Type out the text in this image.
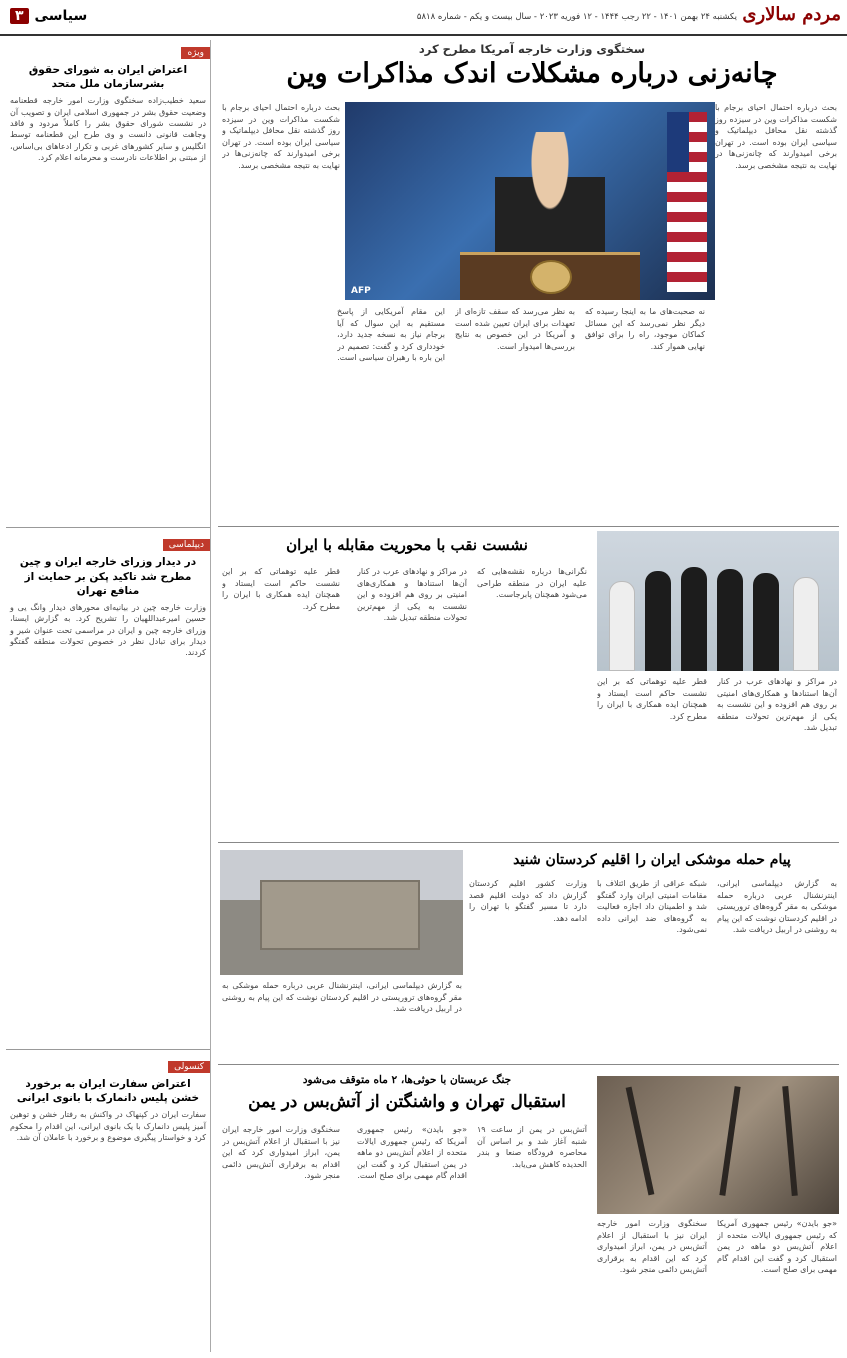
مردم سالاری
یکشنبه ۲۴ بهمن ۱۴۰۱ - ۲۲ رجب ۱۴۴۴ - ۱۲ فوریه ۲۰۲۳ - سال بیست و یکم - شماره ۵۸۱۸
سیاسی
۳
ویژه
اعتراض ایران به شورای حقوق بشرسازمان ملل متحد
سعید خطیب‌زاده سخنگوی وزارت امور خارجه قطعنامه وضعیت حقوق بشر در جمهوری اسلامی ایران و تصویب آن در نشست شورای حقوق بشر را کاملاً مردود و فاقد وجاهت قانونی دانست و وی طرح این قطعنامه توسط انگلیس و سایر کشورهای غربی و تکرار ادعاهای بی‌اساس، از مبتنی بر اطلاعات نادرست و محرمانه اعلام کرد.
دیپلماسی
در دیدار وزرای خارجه ایران و چین مطرح شد تاکید پکن بر حمایت از منافع تهران
وزارت خارجه چین در بیانیه‌ای محورهای دیدار وانگ یی و حسین امیرعبداللهیان را تشریح کرد. به گزارش ایسنا، وزرای خارجه چین و ایران در مراسمی تحت عنوان شیر و دیدار برای تبادل نظر در خصوص تحولات منطقه گفتگو کردند.
کنسولی
اعتراض سفارت ایران به برخورد خشن پلیس دانمارک با بانوی ایرانی
سفارت ایران در کپنهاک در واکنش به رفتار خشن و توهین آمیز پلیس دانمارک با یک بانوی ایرانی، این اقدام را محکوم کرد و خواستار پیگیری موضوع و برخورد با عاملان آن شد.
سختگوی وزارت خارجه آمریکا مطرح کرد
چانه‌زنی درباره مشکلات اندک مذاکرات وین
AFP
بحث درباره احتمال احیای برجام با شکست مذاکرات وین در سیزده روز گذشته نقل محافل دیپلماتیک و سیاسی ایران بوده است. در تهران برخی امیدوارند که چانه‌زنی‌ها در نهایت به نتیجه مشخصی برسد.
نه صحبت‌های ما به اینجا رسیده که دیگر نظر نمی‌رسد که این مسائل کماکان موجود، راه را برای توافق نهایی هموار کند.
به نظر می‌رسد که سقف تازه‌ای از تعهدات برای ایران تعیین شده است و آمریکا در این خصوص به نتایج بررسی‌ها امیدوار است.
این مقام آمریکایی از پاسخ مستقیم به این سوال که آیا برجام نیاز به نسخه جدید دارد، خودداری کرد و گفت: تصمیم در این باره با رهبران سیاسی است.
بحث درباره احتمال احیای برجام با شکست مذاکرات وین در سیزده روز گذشته نقل محافل دیپلماتیک و سیاسی ایران بوده است. در تهران برخی امیدوارند که چانه‌زنی‌ها در نهایت به نتیجه مشخصی برسد.
نشست نقب با محوریت مقابله با ایران
در مراکز و نهادهای عرب در کنار آن‌ها استنادها و همکاری‌های امنیتی بر روی هم افزوده و این نشست به یکی از مهم‌ترین تحولات منطقه تبدیل شد.
قطر علیه توهماتی که بر این نشست حاکم است ایستاد و همچنان ایده همکاری با ایران را مطرح کرد.
نگرانی‌ها درباره نقشه‌هایی که علیه ایران در منطقه طراحی می‌شود همچنان پابرجاست.
در مراکز و نهادهای عرب در کنار آن‌ها استنادها و همکاری‌های امنیتی بر روی هم افزوده و این نشست به یکی از مهم‌ترین تحولات منطقه تبدیل شد.
قطر علیه توهماتی که بر این نشست حاکم است ایستاد و همچنان ایده همکاری با ایران را مطرح کرد.
پیام حمله موشکی ایران را اقلیم کردستان شنید
به گزارش دیپلماسی ایرانی، اینترنشنال عربی درباره حمله موشکی به مقر گروه‌های تروریستی در اقلیم کردستان نوشت که این پیام به روشنی در اربیل دریافت شد.
شبکه عراقی از طریق ائتلاف با مقامات امنیتی ایران وارد گفتگو شد و اطمینان داد اجازه فعالیت به گروه‌های ضد ایرانی داده نمی‌شود.
وزارت کشور اقلیم کردستان گزارش داد که دولت اقلیم قصد دارد تا مسیر گفتگو با تهران را ادامه دهد.
به گزارش دیپلماسی ایرانی، اینترنشنال عربی درباره حمله موشکی به مقر گروه‌های تروریستی در اقلیم کردستان نوشت که این پیام به روشنی در اربیل دریافت شد.
جنگ عربستان با حوثی‌ها، ۲ ماه متوقف می‌شود
استقبال تهران و واشنگتن از آتش‌بس در یمن
«جو بایدن» رئیس جمهوری آمریکا که رئیس جمهوری ایالات متحده از اعلام آتش‌بس دو ماهه در یمن استقبال کرد و گفت این اقدام گام مهمی برای صلح است.
سخنگوی وزارت امور خارجه ایران نیز با استقبال از اعلام آتش‌بس در یمن، ابراز امیدواری کرد که این اقدام به برقراری آتش‌بس دائمی منجر شود.
آتش‌بس در یمن از ساعت ۱۹ شنبه آغاز شد و بر اساس آن محاصره فرودگاه صنعا و بندر الحدیده کاهش می‌یابد.
«جو بایدن» رئیس جمهوری آمریکا که رئیس جمهوری ایالات متحده از اعلام آتش‌بس دو ماهه در یمن استقبال کرد و گفت این اقدام گام مهمی برای صلح است.
سخنگوی وزارت امور خارجه ایران نیز با استقبال از اعلام آتش‌بس در یمن، ابراز امیدواری کرد که این اقدام به برقراری آتش‌بس دائمی منجر شود.
